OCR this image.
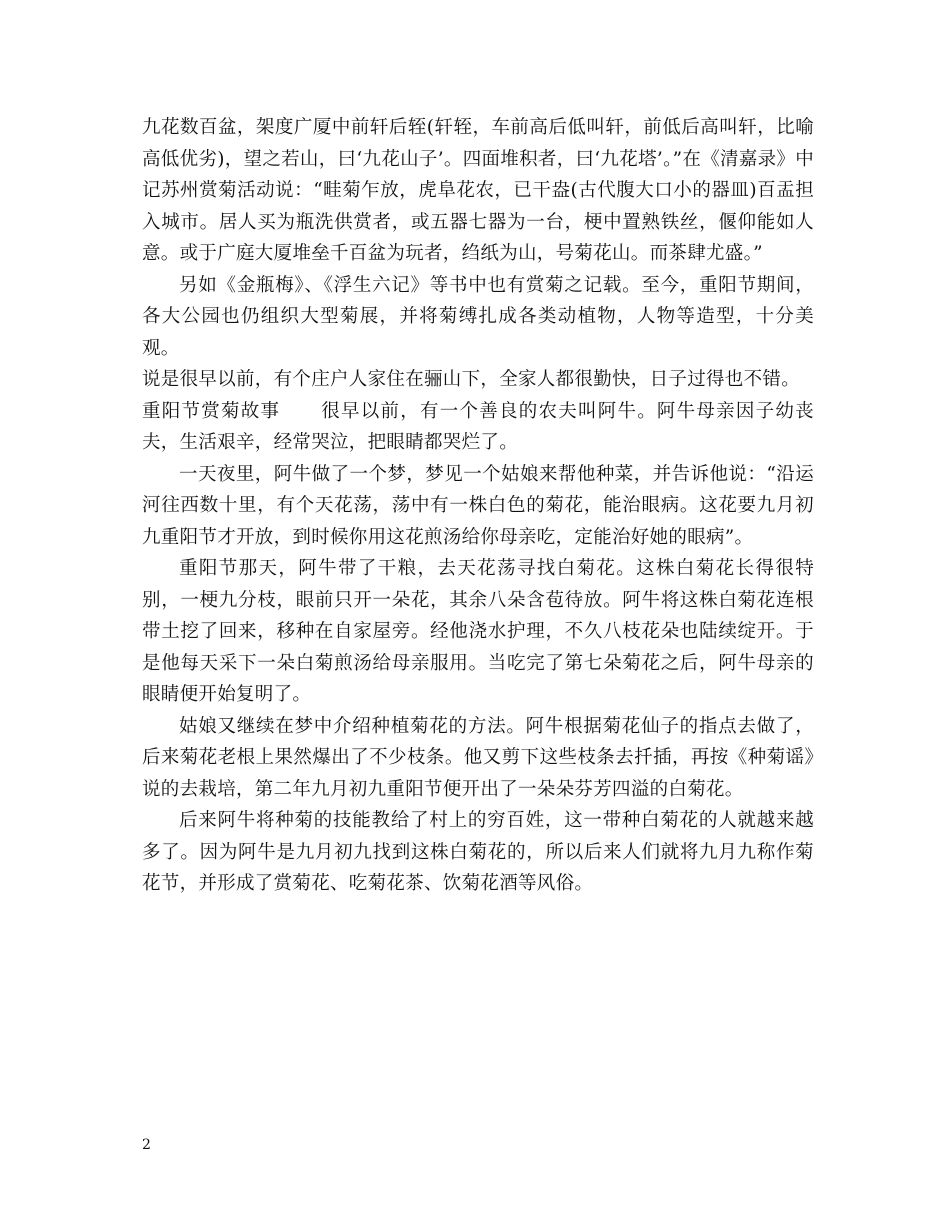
九花数百盆，架度广厦中前轩后轾(轩轾，车前高后低叫轩，前低后高叫轩，比喻高低优劣)，望之若山，曰‘九花山子’。四面堆积者，曰‘九花塔’。”在《清嘉录》中记苏州赏菊活动说：“畦菊乍放，虎阜花农，已干盎(古代腹大口小的器皿)百盂担入城市。居人买为瓶洗供赏者，或五器七器为一台，梗中置熟铁丝，偃仰能如人意。或于广庭大厦堆垒千百盆为玩者，绉纸为山，号菊花山。而茶肆尤盛。”

另如《金瓶梅》、《浮生六记》等书中也有赏菊之记载。至今，重阳节期间，各大公园也仍组织大型菊展，并将菊缚扎成各类动植物，人物等造型，十分美观。

说是很早以前，有个庄户人家住在骊山下，全家人都很勤快，日子过得也不错。

重阳节赏菊故事 很早以前，有一个善良的农夫叫阿牛。阿牛母亲因子幼丧夫，生活艰辛，经常哭泣，把眼睛都哭烂了。

一天夜里，阿牛做了一个梦，梦见一个姑娘来帮他种菜，并告诉他说：“沿运河往西数十里，有个天花荡，荡中有一株白色的菊花，能治眼病。这花要九月初九重阳节才开放，到时候你用这花煎汤给你母亲吃，定能治好她的眼病”。

重阳节那天，阿牛带了干粮，去天花荡寻找白菊花。这株白菊花长得很特别，一梗九分枝，眼前只开一朵花，其余八朵含苞待放。阿牛将这株白菊花连根带土挖了回来，移种在自家屋旁。经他浇水护理，不久八枝花朵也陆续绽开。于是他每天采下一朵白菊煎汤给母亲服用。当吃完了第七朵菊花之后，阿牛母亲的眼睛便开始复明了。

姑娘又继续在梦中介绍种植菊花的方法。阿牛根据菊花仙子的指点去做了，后来菊花老根上果然爆出了不少枝条。他又剪下这些枝条去扦插，再按《种菊谣》说的去栽培，第二年九月初九重阳节便开出了一朵朵芬芳四溢的白菊花。

后来阿牛将种菊的技能教给了村上的穷百姓，这一带种白菊花的人就越来越多了。因为阿牛是九月初九找到这株白菊花的，所以后来人们就将九月九称作菊花节，并形成了赏菊花、吃菊花茶、饮菊花酒等风俗。

2
